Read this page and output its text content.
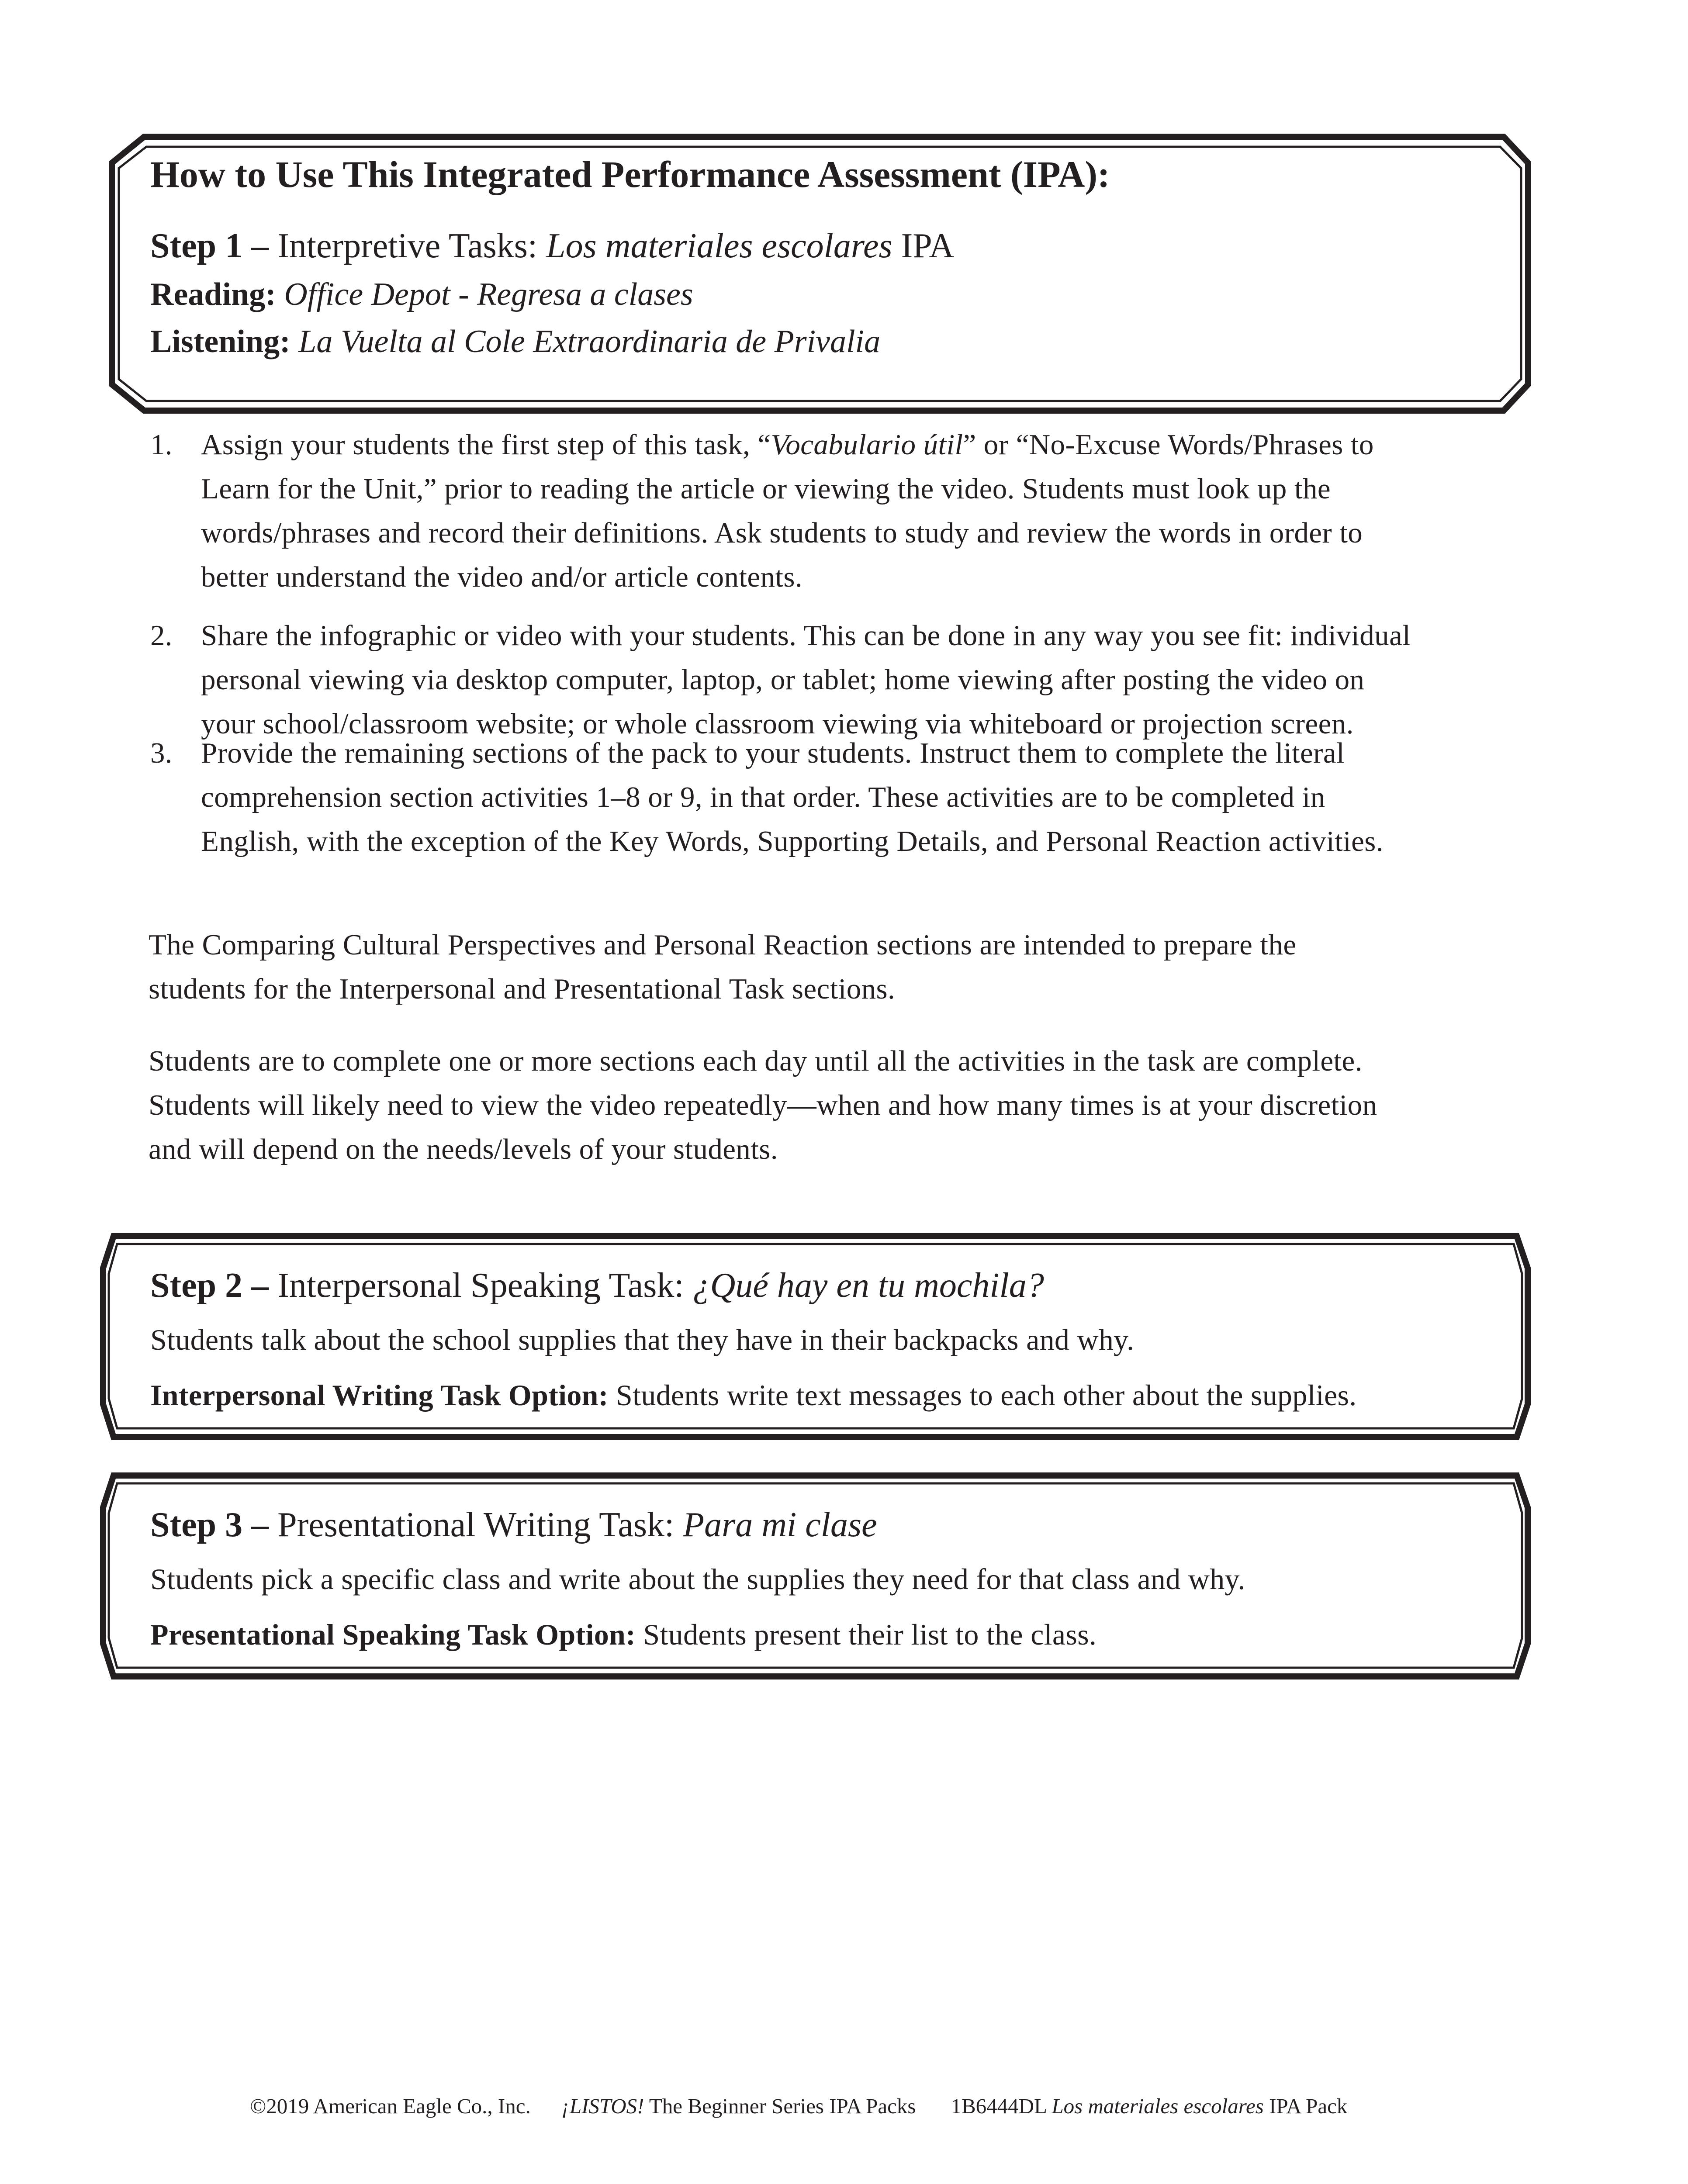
How to Use This Integrated Performance Assessment (IPA):
Step 1 – Interpretive Tasks: Los materiales escolares IPA
Reading: Office Depot - Regresa a clases
Listening: La Vuelta al Cole Extraordinaria de Privalia
1. Assign your students the first step of this task, “Vocabulario útil” or “No-Excuse Words/Phrases to
Learn for the Unit,” prior to reading the article or viewing the video. Students must look up the
words/phrases and record their definitions. Ask students to study and review the words in order to
better understand the video and/or article contents.
2. Share the infographic or video with your students. This can be done in any way you see fit: individual
personal viewing via desktop computer, laptop, or tablet; home viewing after posting the video on
your school/classroom website; or whole classroom viewing via whiteboard or projection screen.
3. Provide the remaining sections of the pack to your students. Instruct them to complete the literal
comprehension section activities 1–8 or 9, in that order. These activities are to be completed in
English, with the exception of the Key Words, Supporting Details, and Personal Reaction activities.
The Comparing Cultural Perspectives and Personal Reaction sections are intended to prepare the
students for the Interpersonal and Presentational Task sections.
Students are to complete one or more sections each day until all the activities in the task are complete.
Students will likely need to view the video repeatedly—when and how many times is at your discretion
and will depend on the needs/levels of your students.
Step 2 – Interpersonal Speaking Task: ¿Qué hay en tu mochila?
Students talk about the school supplies that they have in their backpacks and why.
Interpersonal Writing Task Option: Students write text messages to each other about the supplies.
Step 3 – Presentational Writing Task: Para mi clase
Students pick a specific class and write about the supplies they need for that class and why.
Presentational Speaking Task Option: Students present their list to the class.
©2019 American Eagle Co., Inc. ¡LISTOS! The Beginner Series IPA Packs 1B6444DL Los materiales escolares IPA Pack
